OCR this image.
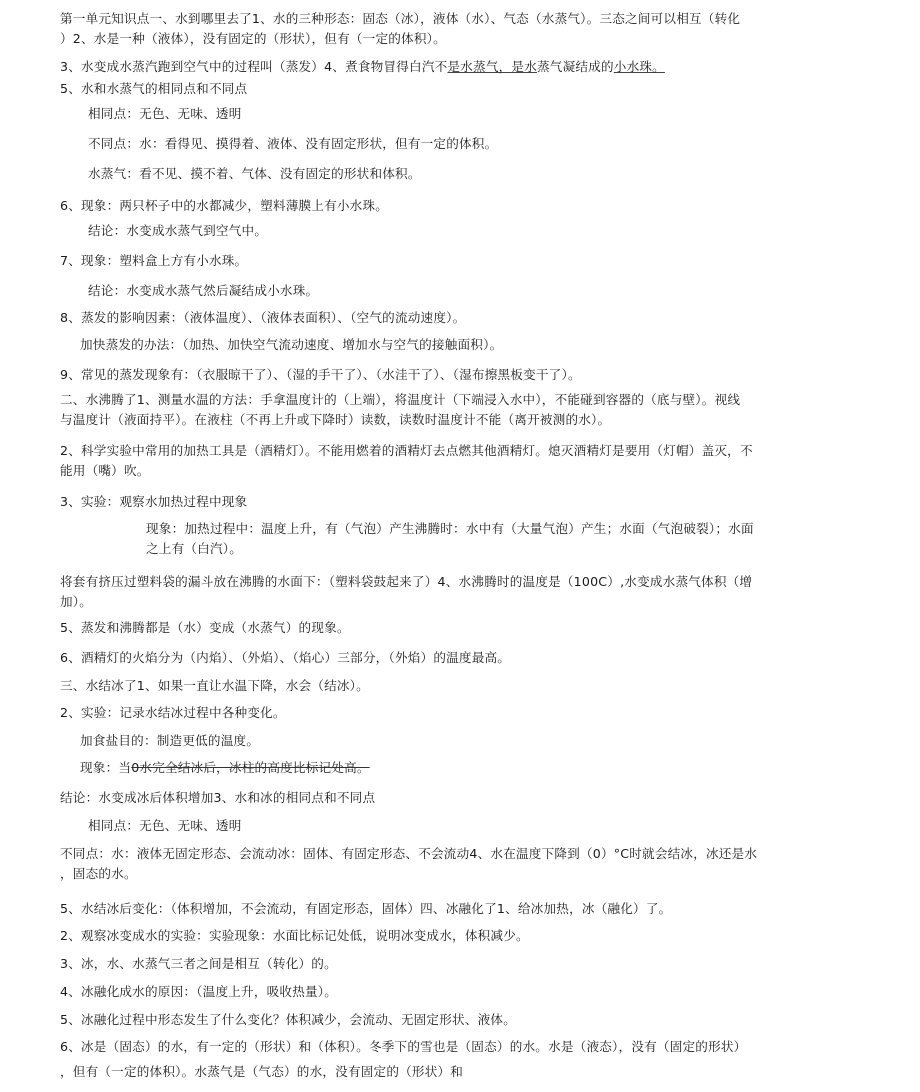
第一单元知识点一、水到哪里去了1、水的三种形态：固态（冰），液体（水）、气态（水蒸气）。三态之间可以相互（转化
）2、水是一种（液体），没有固定的（形状），但有（一定的体积）。
3、水变成水蒸汽跑到空气中的过程叫（蒸发）4、煮食物冒得白汽不是水蒸气，是水蒸气凝结成的小水珠。
5、水和水蒸气的相同点和不同点
相同点：无色、无味、透明
不同点：水：看得见、摸得着、液体、没有固定形状，但有一定的体积。
水蒸气：看不见、摸不着、气体、没有固定的形状和体积。
6、现象：两只杯子中的水都减少，塑料薄膜上有小水珠。
结论：水变成水蒸气到空气中。
7、现象：塑料盒上方有小水珠。
结论：水变成水蒸气然后凝结成小水珠。
8、蒸发的影响因素：（液体温度）、（液体表面积）、（空气的流动速度）。
加快蒸发的办法：（加热、加快空气流动速度、增加水与空气的接触面积）。
9、常见的蒸发现象有：（衣服晾干了）、（湿的手干了）、（水洼干了）、（湿布擦黑板变干了）。
二、水沸腾了1、测量水温的方法：手拿温度计的（上端），将温度计（下端浸入水中），不能碰到容器的（底与壁）。视线
与温度计（液面持平）。在液柱（不再上升或下降时）读数，读数时温度计不能（离开被测的水）。
2、科学实验中常用的加热工具是（酒精灯）。不能用燃着的酒精灯去点燃其他酒精灯。熄灭酒精灯是要用（灯帽）盖灭，不
能用（嘴）吹。
3、实验：观察水加热过程中现象
现象：加热过程中：温度上升，有（气泡）产生沸腾时：水中有（大量气泡）产生；水面（气泡破裂）；水面
之上有（白汽）。
将套有挤压过塑料袋的漏斗放在沸腾的水面下：（塑料袋鼓起来了）4、水沸腾时的温度是（100C）,水变成水蒸气体积（增
加）。
5、蒸发和沸腾都是（水）变成（水蒸气）的现象。
6、酒精灯的火焰分为（内焰）、（外焰）、（焰心）三部分，（外焰）的温度最高。
三、水结冰了1、如果一直让水温下降，水会（结冰）。
2、实验：记录水结冰过程中各种变化。
加食盐目的：制造更低的温度。
现象：当0水完全结冰后，冰柱的高度比标记处高。
结论：水变成冰后体积增加3、水和冰的相同点和不同点
相同点：无色、无味、透明
不同点：水：液体无固定形态、会流动冰：固体、有固定形态、不会流动4、水在温度下降到（0）°C时就会结冰，冰还是水
，固态的水。
5、水结冰后变化：（体积增加，不会流动，有固定形态，固体）四、冰融化了1、给冰加热，冰（融化）了。
2、观察冰变成水的实验：实验现象：水面比标记处低，说明冰变成水，体积减少。
3、冰，水、水蒸气三者之间是相互（转化）的。
4、冰融化成水的原因：（温度上升，吸收热量）。
5、冰融化过程中形态发生了什么变化？体积减少，会流动、无固定形状、液体。
6、冰是（固态）的水，有一定的（形状）和（体积）。冬季下的雪也是（固态）的水。水是（液态），没有（固定的形状）
，但有（一定的体积）。水蒸气是（气态）的水，没有固定的（形状）和
